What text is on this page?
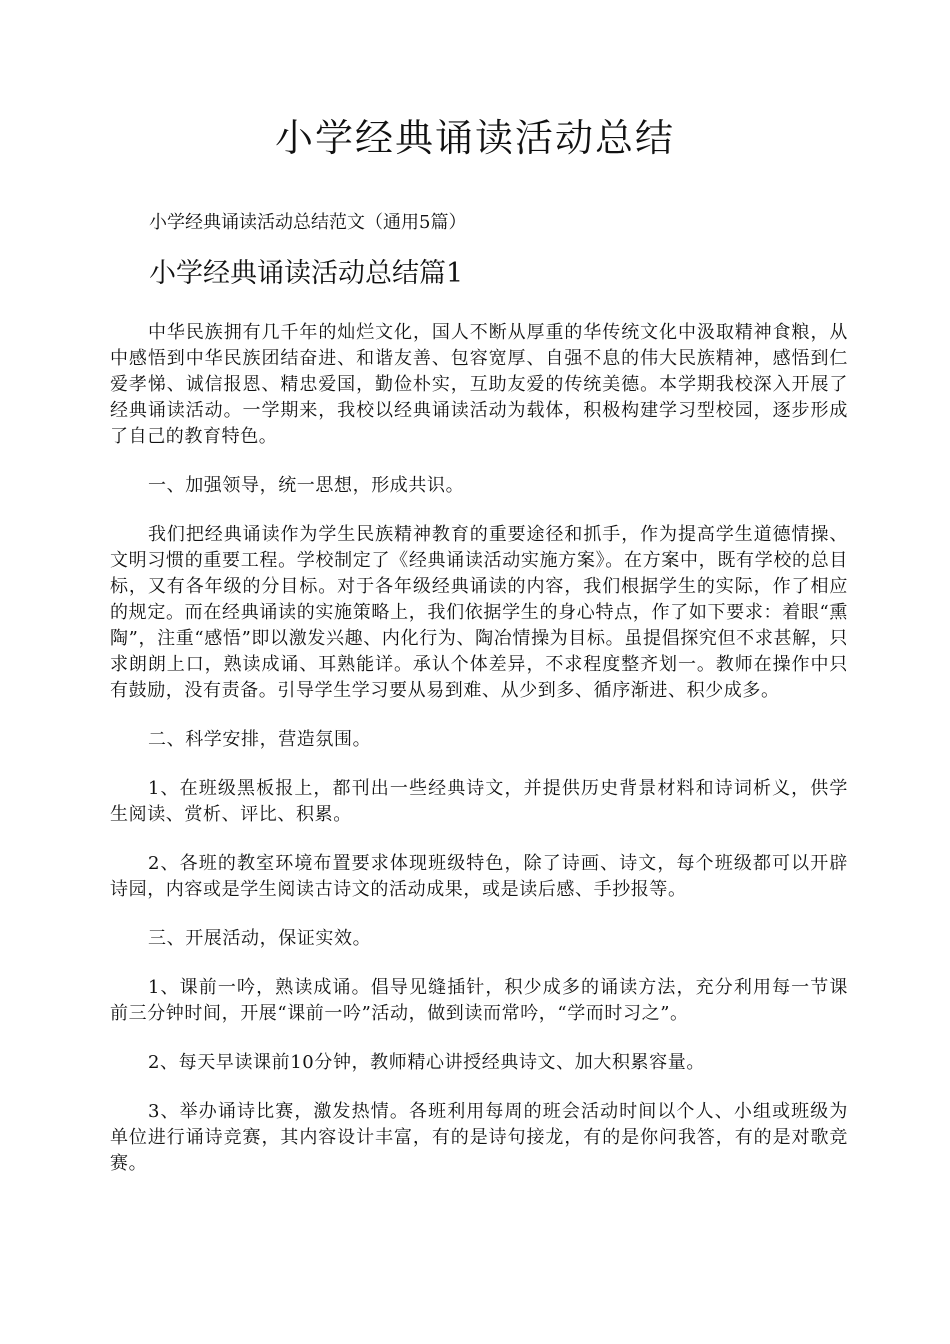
小学经典诵读活动总结

小学经典诵读活动总结范文（通用5篇）

小学经典诵读活动总结篇1

中华民族拥有几千年的灿烂文化，国人不断从厚重的华传统文化中汲取精神食粮，从中感悟到中华民族团结奋进、和谐友善、包容宽厚、自强不息的伟大民族精神，感悟到仁爱孝悌、诚信报恩、精忠爱国，勤俭朴实，互助友爱的传统美德。本学期我校深入开展了经典诵读活动。一学期来，我校以经典诵读活动为载体，积极构建学习型校园，逐步形成了自己的教育特色。

一、加强领导，统一思想，形成共识。

我们把经典诵读作为学生民族精神教育的重要途径和抓手，作为提高学生道德情操、文明习惯的重要工程。学校制定了《经典诵读活动实施方案》。在方案中，既有学校的总目标，又有各年级的分目标。对于各年级经典诵读的内容，我们根据学生的实际，作了相应的规定。而在经典诵读的实施策略上，我们依据学生的身心特点，作了如下要求：着眼“熏陶”，注重“感悟”即以激发兴趣、内化行为、陶冶情操为目标。虽提倡探究但不求甚解，只求朗朗上口，熟读成诵、耳熟能详。承认个体差异，不求程度整齐划一。教师在操作中只有鼓励，没有责备。引导学生学习要从易到难、从少到多、循序渐进、积少成多。

二、科学安排，营造氛围。

1、在班级黑板报上，都刊出一些经典诗文，并提供历史背景材料和诗词析义，供学生阅读、赏析、评比、积累。

2、各班的教室环境布置要求体现班级特色，除了诗画、诗文，每个班级都可以开辟诗园，内容或是学生阅读古诗文的活动成果，或是读后感、手抄报等。

三、开展活动，保证实效。

1、课前一吟，熟读成诵。倡导见缝插针，积少成多的诵读方法，充分利用每一节课前三分钟时间，开展“课前一吟”活动，做到读而常吟，“学而时习之”。

2、每天早读课前10分钟，教师精心讲授经典诗文、加大积累容量。

3、举办诵诗比赛，激发热情。各班利用每周的班会活动时间以个人、小组或班级为单位进行诵诗竞赛，其内容设计丰富，有的是诗句接龙，有的是你问我答，有的是对歌竞赛。
